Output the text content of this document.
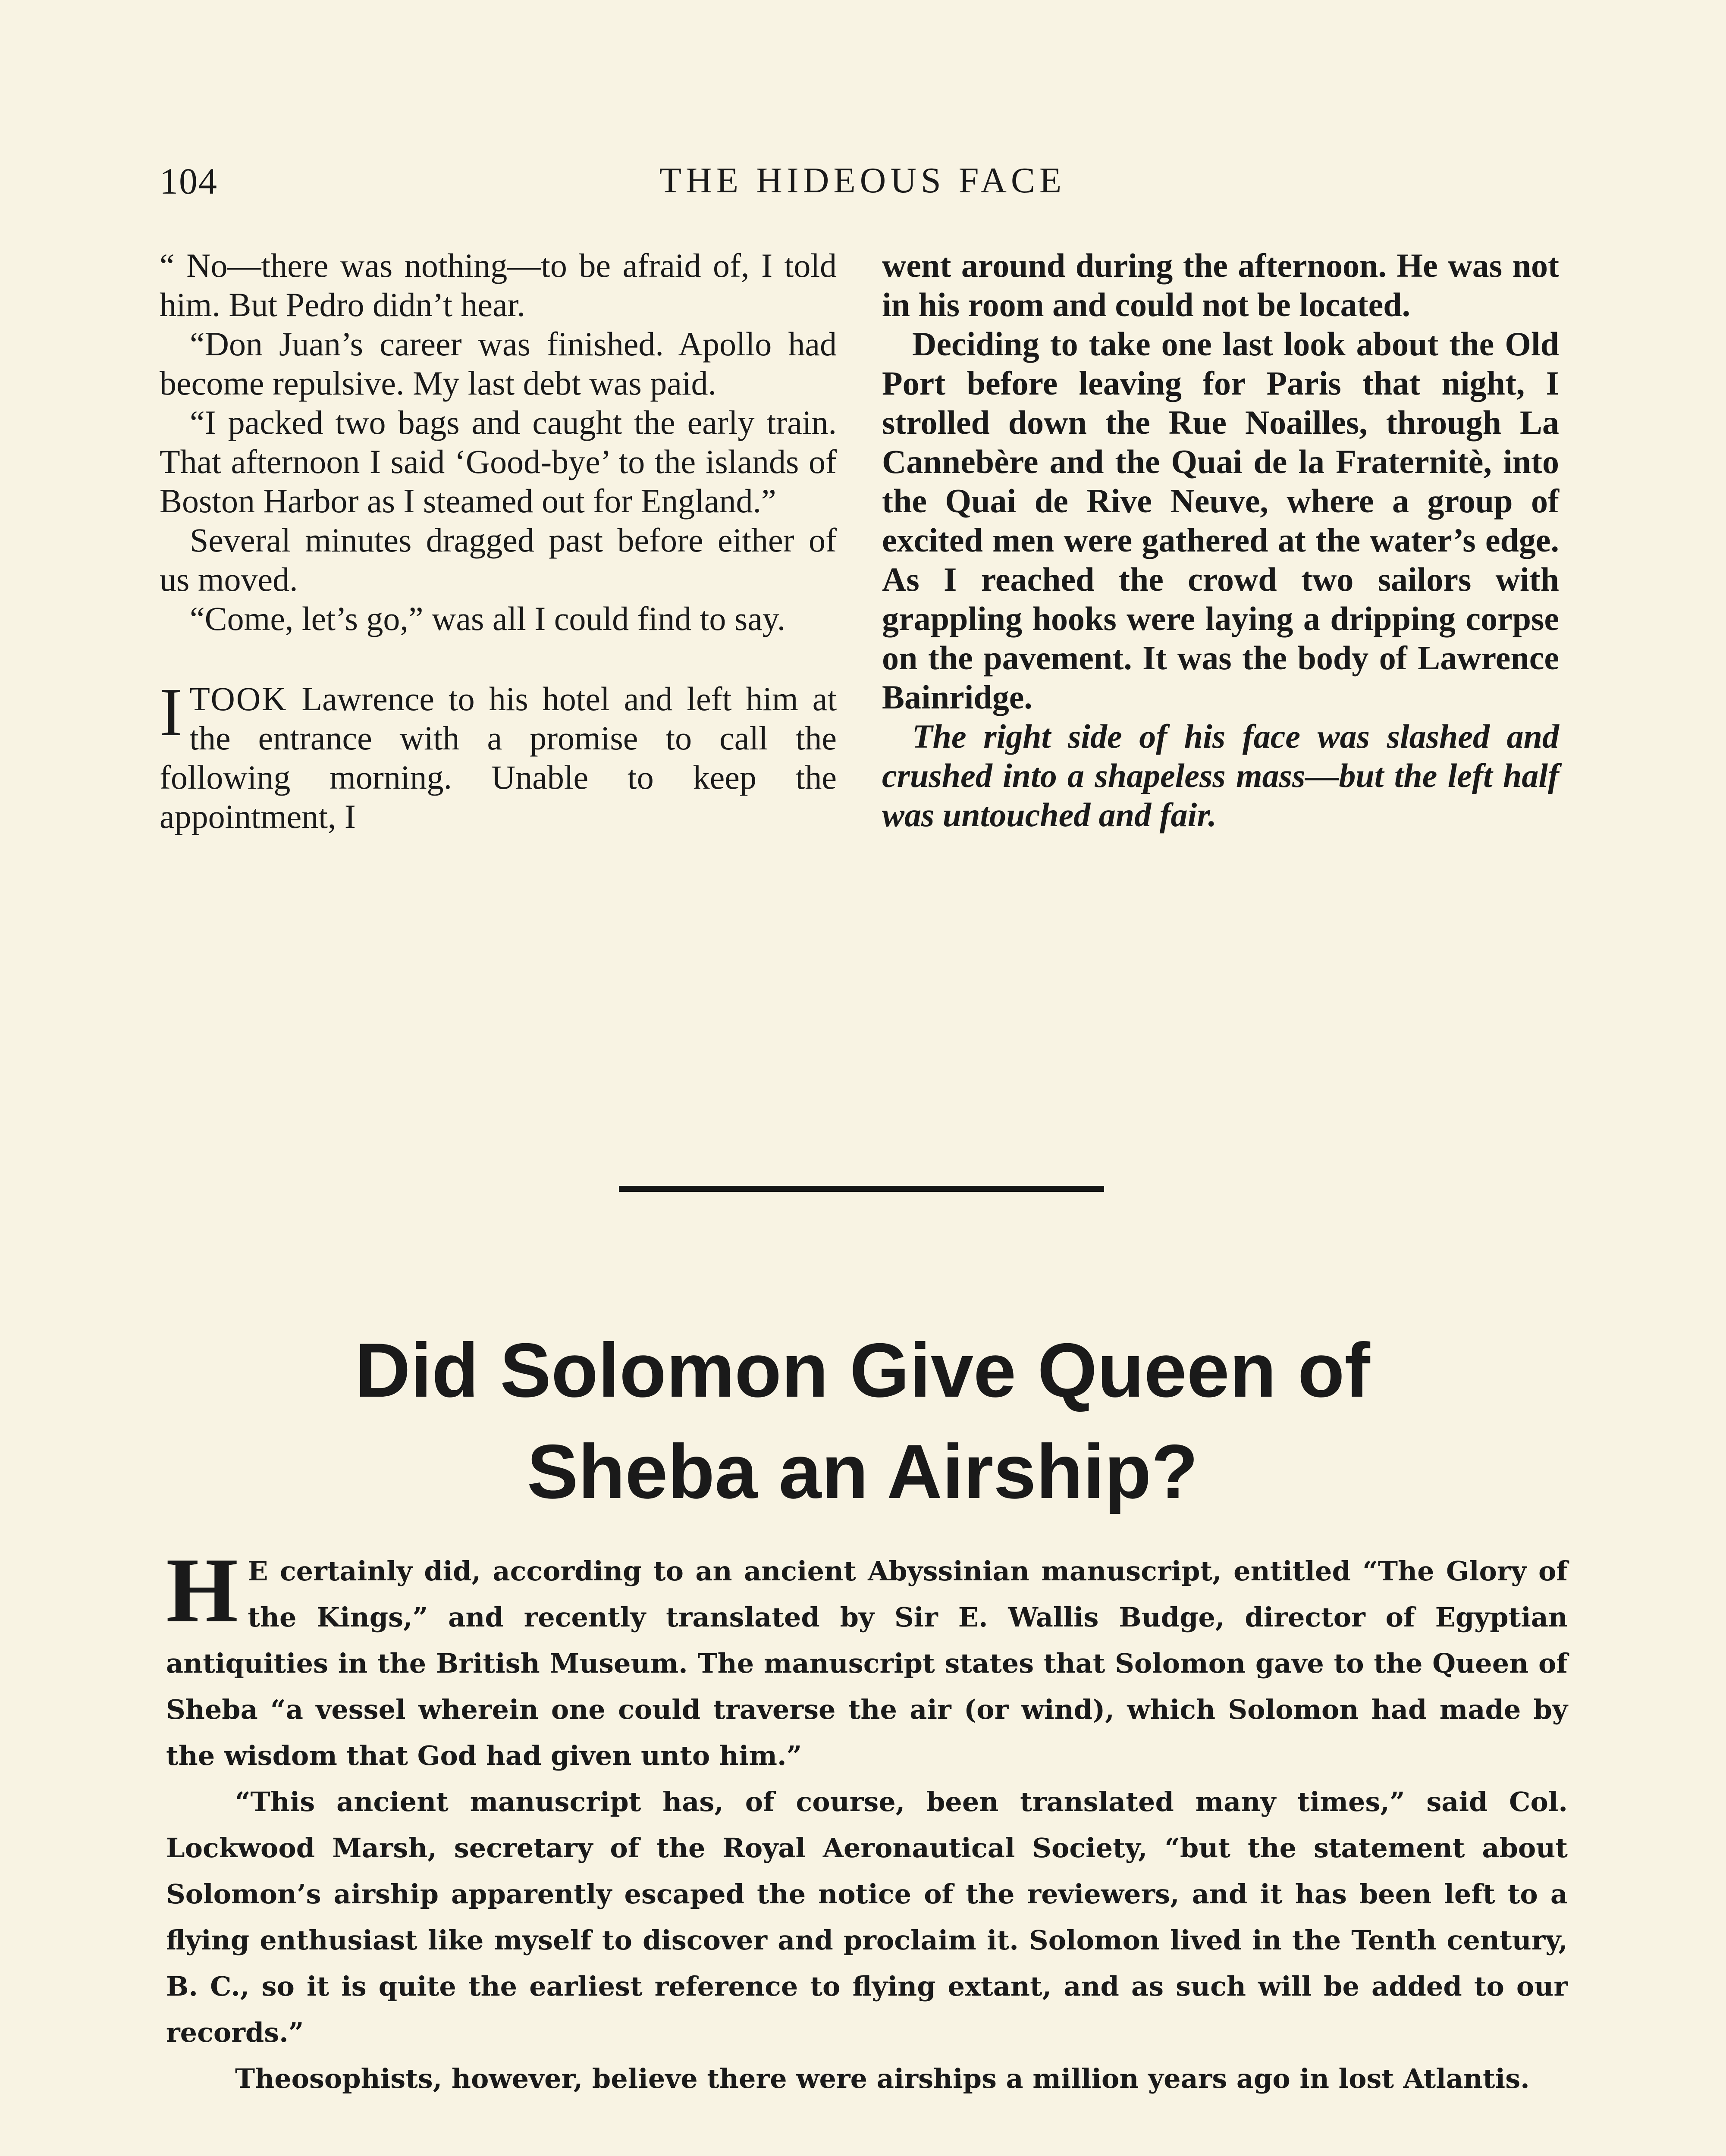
104	THE HIDEOUS FACE

“ No—there was nothing—to be afraid of, I told him. But Pedro didn’t hear.

“Don Juan’s career was finished. Apollo had become repulsive. My last debt was paid.

“I packed two bags and caught the early train. That afternoon I said ‘Good-bye’ to the islands of Boston Harbor as I steamed out for England.”

Several minutes dragged past before either of us moved.

“Come, let’s go,” was all I could find to say.

ITOOK Lawrence to his hotel and left him at the entrance with a promise to call the following morning. Unable to keep the appointment, I

went around during the afternoon. He was not in his room and could not be located.

Deciding to take one last look about the Old Port before leaving for Paris that night, I strolled down the Rue Noailles, through La Cannebère and the Quai de la Fraternitè, into the Quai de Rive Neuve, where a group of excited men were gathered at the water’s edge. As I reached the crowd two sailors with grappling hooks were laying a dripping corpse on the pavement. It was the body of Lawrence Bainridge.

The right side of his face was slashed and crushed into a shapeless mass—but the left half was untouched and fair.

Did Solomon Give Queen of
Sheba an Airship?

H E certainly did, according to an ancient Abyssinian manuscript, entitled “The Glory of the Kings,” and recently translated by Sir E. Wallis Budge, director of Egyptian antiquities in the British Museum. The manuscript states that Solomon gave to the Queen of Sheba “a vessel wherein one could traverse the air (or wind), which Solomon had made by the wisdom that God had given unto him.”

“This ancient manuscript has, of course, been translated many times,” said Col. Lockwood Marsh, secretary of the Royal Aeronautical Society, “but the statement about Solomon’s airship apparently escaped the notice of the reviewers, and it has been left to a flying enthusiast like myself to discover and proclaim it. Solomon lived in the Tenth century, B. C., so it is quite the earliest reference to flying extant, and as such will be added to our records.”

Theosophists, however, believe there were airships a million years ago in lost Atlantis.
